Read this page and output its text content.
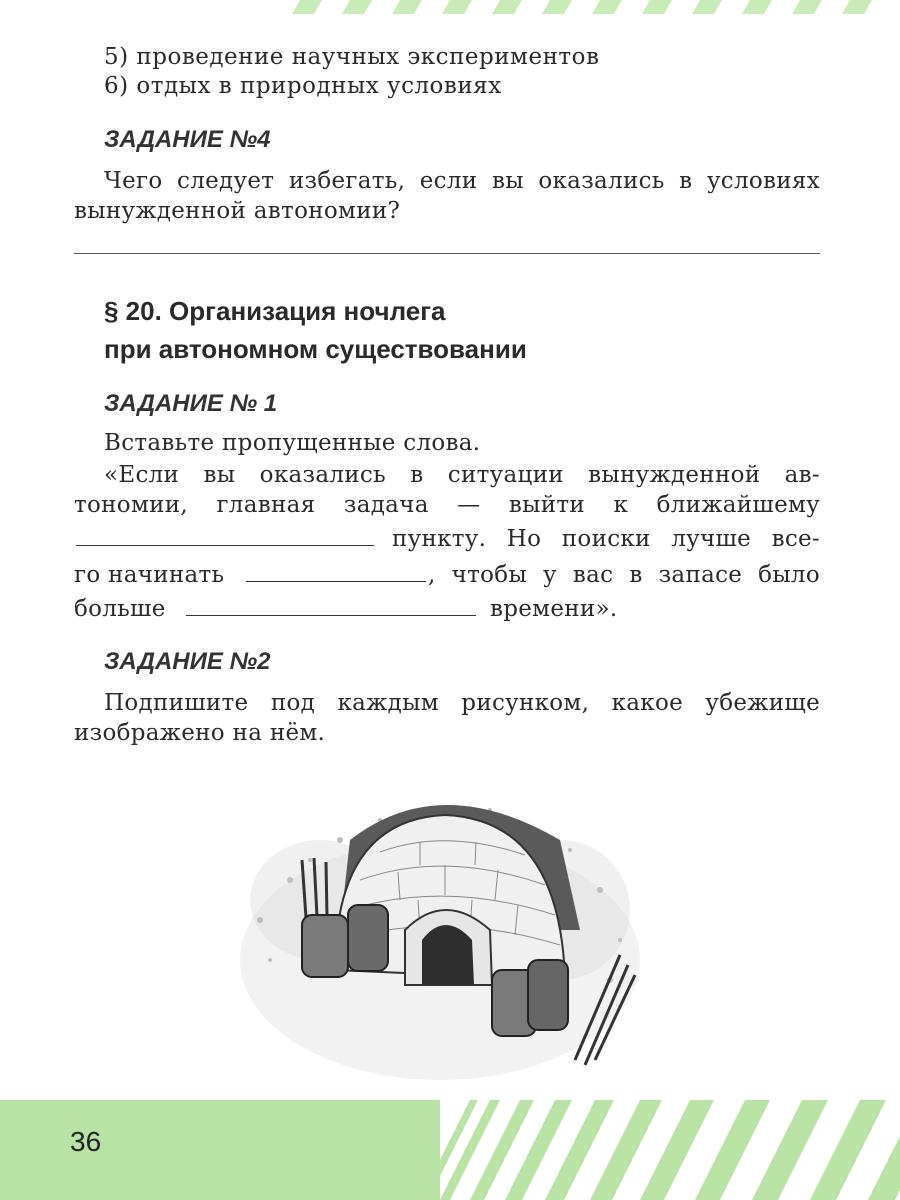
5) проведение научных экспериментов
6) отдых в природных условиях
ЗАДАНИЕ №4
Чего следует избегать, если вы оказались в условиях
вынужденной автономии?
§ 20. Организация ночлега
при автономном существовании
ЗАДАНИЕ № 1
Вставьте пропущенные слова.
«Если вы оказались в ситуации вынужденной ав-
тономии, главная задача — выйти к ближайшему
пункту. Но поиски лучше все-
го начинать	, чтобы у вас в запасе было
больше	времени».
ЗАДАНИЕ №2
Подпишите под каждым рисунком, какое убежище
изображено на нём.
36
